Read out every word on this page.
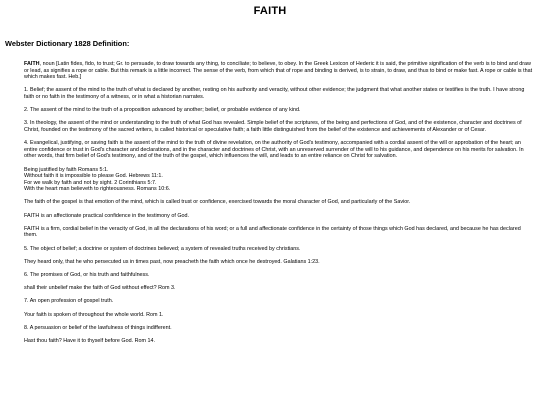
FAITH
Webster Dictionary 1828 Definition:

FAITH, noun [Latin fides, fido, to trust; Gr. to persuade, to draw towards any thing, to conciliate; to believe, to obey. In the Greek Lexicon of Hederic it is said, the primitive signification of the verb is to bind and draw or lead, as signifies a rope or cable. But this remark is a little incorrect. The sense of the verb, from which that of rope and binding is derived, is to strain, to draw, and thus to bind or make fast. A rope or cable is that which makes fast. Heb.]

1. Belief; the assent of the mind to the truth of what is declared by another, resting on his authority and veracity, without other evidence; the judgment that what another states or testifies is the truth. I have strong faith or no faith in the testimony of a witness, or in what a historian narrates.

2. The assent of the mind to the truth of a proposition advanced by another; belief, or probable evidence of any kind.

3. In theology, the assent of the mind or understanding to the truth of what God has revealed. Simple belief of the scriptures, of the being and perfections of God, and of the existence, character and doctrines of Christ, founded on the testimony of the sacred writers, is called historical or speculative faith; a faith little distinguished from the belief of the existence and achievements of Alexander or of Cesar.

4. Evangelical, justifying, or saving faith is the assent of the mind to the truth of divine revelation, on the authority of God's testimony, accompanied with a cordial assent of the will or approbation of the heart; an entire confidence or trust in God's character and declarations, and in the character and doctrines of Christ, with an unreserved surrender of the will to his guidance, and dependence on his merits for salvation. In other words, that firm belief of God's testimony, and of the truth of the gospel, which influences the will, and leads to an entire reliance on Christ for salvation.

Being justified by faith Romans 5:1.
Without faith it is impossible to please God. Hebrews 11:1.
For we walk by faith and not by sight. 2 Corinthians 5:7.
With the heart man believeth to righteousness. Romans 10:6.

The faith of the gospel is that emotion of the mind, which is called trust or confidence, exercised towards the moral character of God, and particularly of the Savior.

FAITH is an affectionate practical confidence in the testimony of God.

FAITH is a firm, cordial belief in the veracity of God, in all the declarations of his word; or a full and affectionate confidence in the certainty of those things which God has declared, and because he has declared them.

5. The object of belief; a doctrine or system of doctrines believed; a system of revealed truths received by christians.

They heard only, that he who persecuted us in times past, now preacheth the faith which once he destroyed. Galatians 1:23.

6. The promises of God, or his truth and faithfulness.

shall their unbelief make the faith of God without effect? Rom 3.

7. An open profession of gospel truth.

Your faith is spoken of throughout the whole world. Rom 1.

8. A persuasion or belief of the lawfulness of things indifferent.

Hast thou faith? Have it to thyself before God. Rom 14.
